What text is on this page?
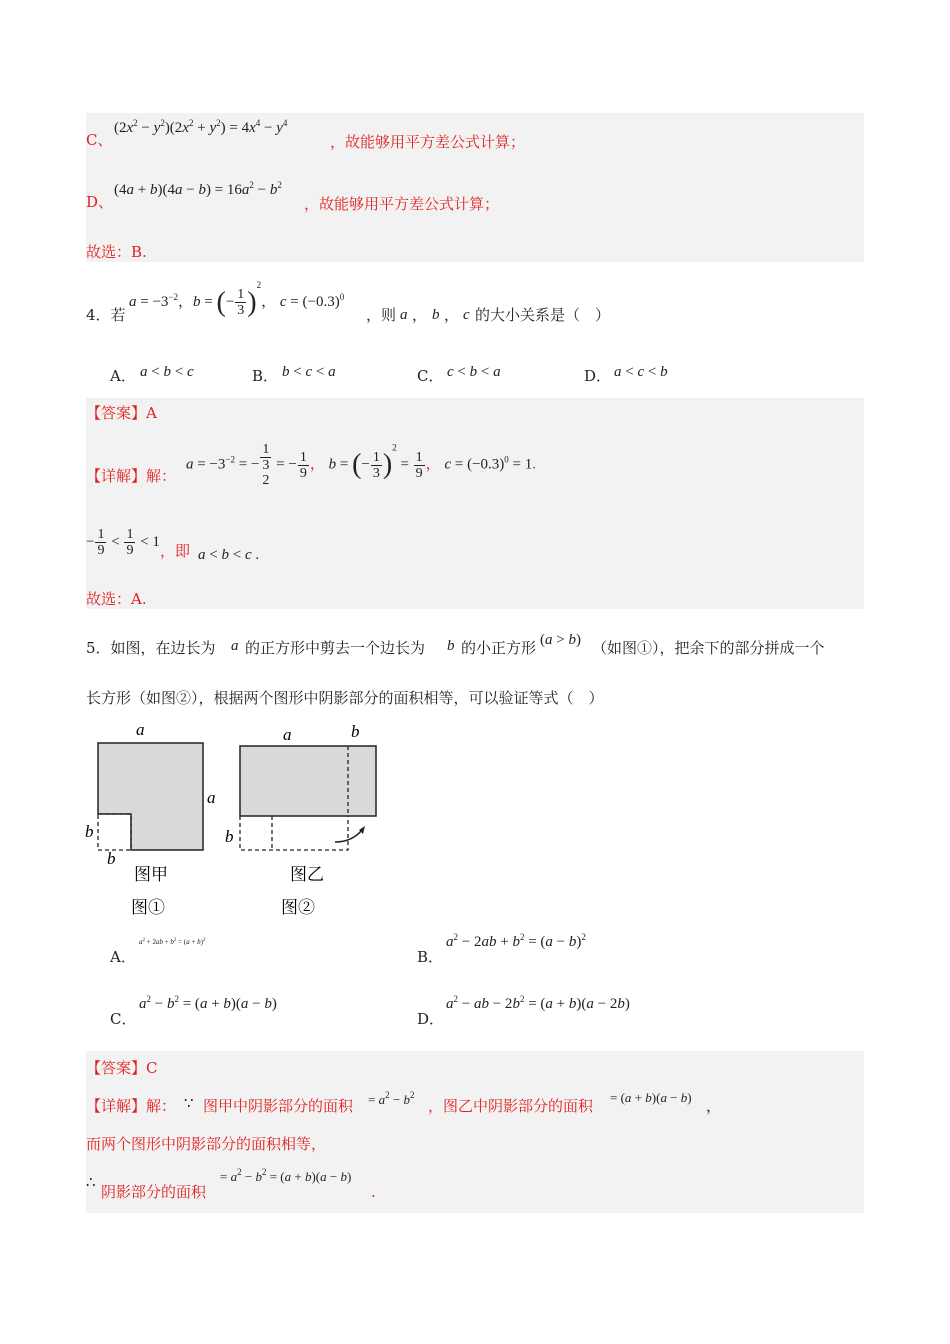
C、
$(2x^2 - y^2)(2x^2 + y^2) = 4x^4 - y^4$
，故能够用平方差公式计算；
D、
$(4a + b)(4a - b) = 16a^2 - b^2$
，故能够用平方差公式计算；
故选：B.
4．若
$a = -3^{-2}$，b = (− $\frac{1}{3} )^2$， $c = (-0.3)^0$
，则 a ， b ， c 的大小关系是（　）
A． a < b < c	B． b < c < a	C． c < b < a	D． a < c < b
【答案】A
【详解】解：
$a = -3^{-2}$ = − 1
3
2 = − $\frac{1}{9}$ ， b = (− $\frac{1}{3} )^2 = \frac{1}{9}$ ， $c = (-0.3)^0 = 1$.
− $\frac{1}{9} < \frac{1}{9} < 1$
，即 a < b < c .
故选：A.
5．如图，在边长为 a 的正方形中剪去一个边长为 b 的小正方形 (a > b) （如图①），把余下的部分拼成一个
长方形（如图②），根据两个图形中阴影部分的面积相等，可以验证等式（　）
a
a
b
b
图甲
图①
a	b
b
图乙
图②
A．
$a^2 + 2ab + b^2 = (a + b)^2$
B．
$a^2 - 2ab + b^2 = (a - b)^2$
C．
$a^2 - b^2 = (a + b)(a - b)$
D．
$a^2$ − ab − $2b^2 = (a + b)(a - 2b)$
【答案】C
【详解】解： ∵ 图甲中阴影部分的面积 = $a^2 - b^2$
，图乙中阴影部分的面积 = (a + b)(a − b) ，
而两个图形中阴影部分的面积相等，
∴
阴影部分的面积
= $a^2 - b^2 = (a + b)(a - b)$
.
